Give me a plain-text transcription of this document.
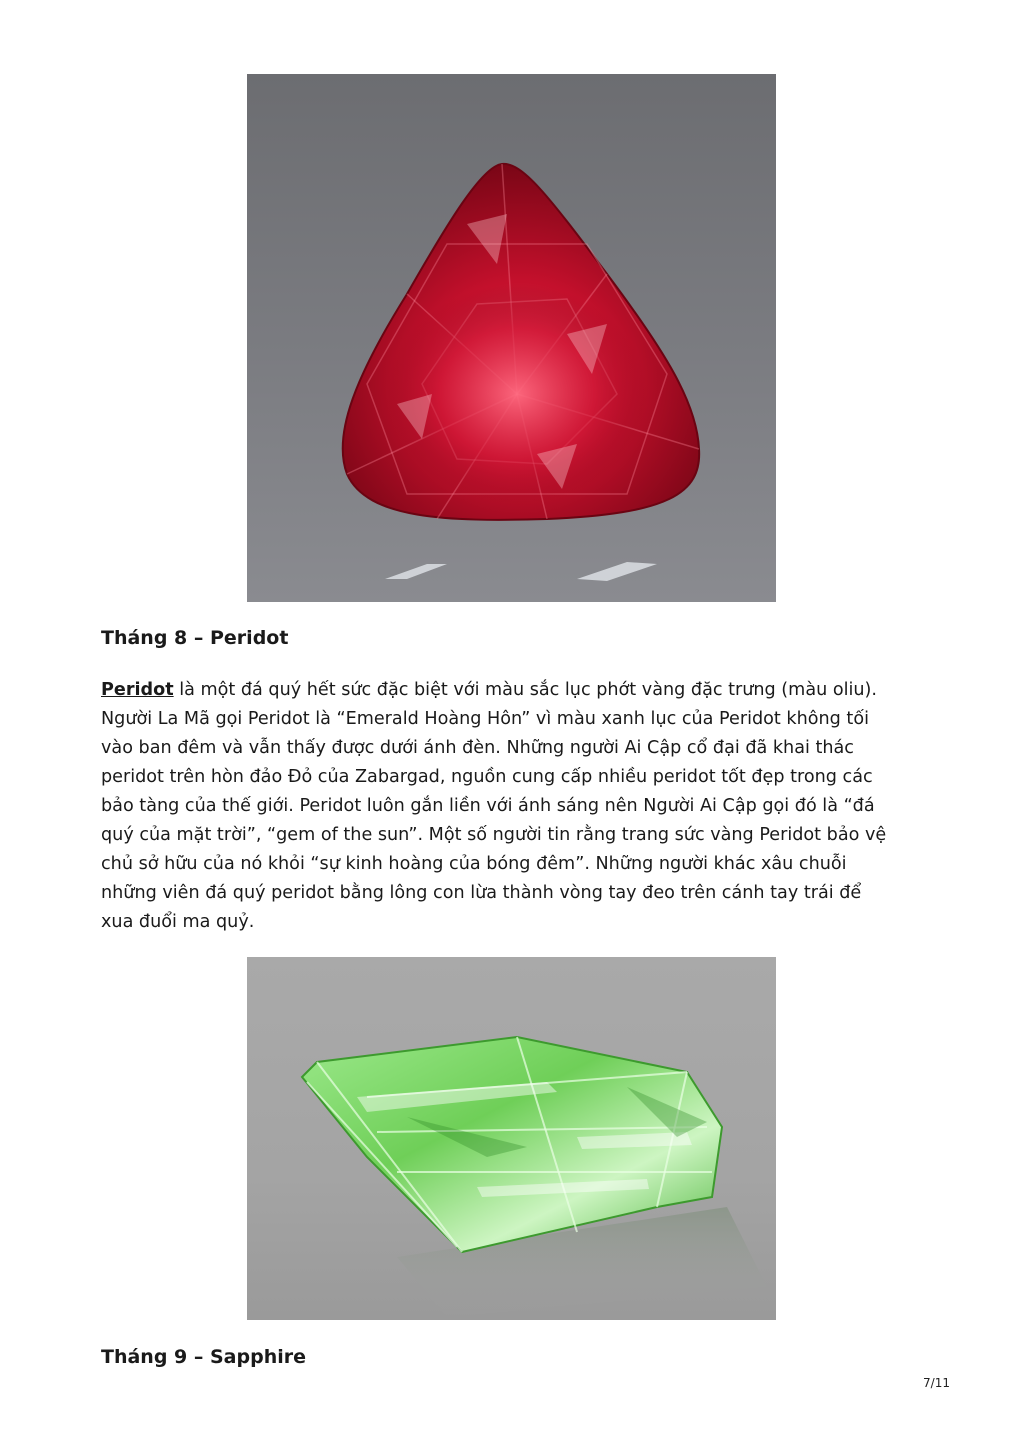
Tháng 8 – Peridot

Peridot là một đá quý hết sức đặc biệt với màu sắc lục phớt vàng đặc trưng (màu oliu).
Người La Mã gọi Peridot là “Emerald Hoàng Hôn” vì màu xanh lục của Peridot không tối
vào ban đêm và vẫn thấy được dưới ánh đèn. Những người Ai Cập cổ đại đã khai thác
peridot trên hòn đảo Đỏ của Zabargad, nguồn cung cấp nhiều peridot tốt đẹp trong các
bảo tàng của thế giới. Peridot luôn gắn liền với ánh sáng nên Người Ai Cập gọi đó là “đá
quý của mặt trời”, “gem of the sun”. Một số người tin rằng trang sức vàng Peridot bảo vệ
chủ sở hữu của nó khỏi “sự kinh hoàng của bóng đêm”. Những người khác xâu chuỗi
những viên đá quý peridot bằng lông con lừa thành vòng tay đeo trên cánh tay trái để
xua đuổi ma quỷ.

Tháng 9 – Sapphire
7/11
